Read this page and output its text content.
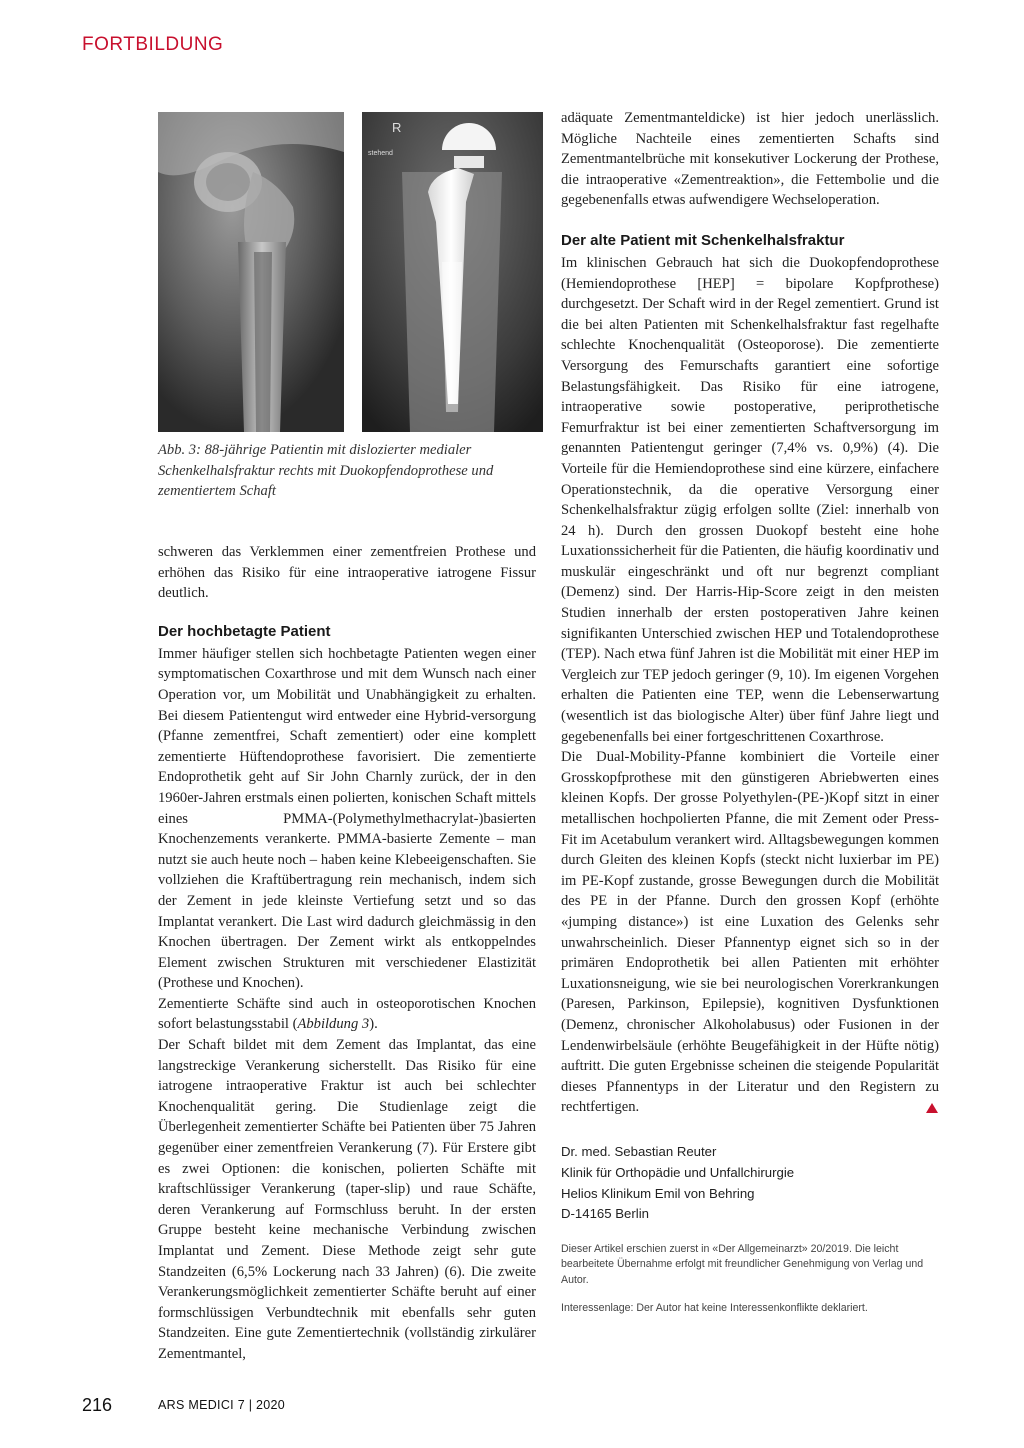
FORTBILDUNG
R
stehend

Abb. 3: 88-jährige Patientin mit dislozierter medialer Schenkelhalsfraktur rechts mit Duokopfendoprothese und zementiertem Schaft

schweren das Verklemmen einer zementfreien Prothese und erhöhen das Risiko für eine intraoperative iatrogene Fissur deutlich.

Der hochbetagte Patient

Immer häufiger stellen sich hochbetagte Patienten wegen einer symptomatischen Coxarthrose und mit dem Wunsch nach einer Operation vor, um Mobilität und Unabhängigkeit zu erhalten. Bei diesem Patientengut wird entweder eine Hybrid-versorgung (Pfanne zementfrei, Schaft zementiert) oder eine komplett zementierte Hüftendoprothese favorisiert. Die zementierte Endoprothetik geht auf Sir John Charnly zurück, der in den 1960er-Jahren erstmals einen polierten, konischen Schaft mittels eines PMMA-(Polymethylmethacrylat-)basierten Knochenzements verankerte. PMMA-basierte Zemente – man nutzt sie auch heute noch – haben keine Klebeeigenschaften. Sie vollziehen die Kraftübertragung rein mechanisch, indem sich der Zement in jede kleinste Vertiefung setzt und so das Implantat verankert. Die Last wird dadurch gleichmässig in den Knochen übertragen. Der Zement wirkt als entkoppelndes Element zwischen Strukturen mit verschiedener Elastizität (Prothese und Knochen).

Zementierte Schäfte sind auch in osteoporotischen Knochen sofort belastungsstabil (Abbildung 3).

Der Schaft bildet mit dem Zement das Implantat, das eine langstreckige Verankerung sicherstellt. Das Risiko für eine iatrogene intraoperative Fraktur ist auch bei schlechter Knochenqualität gering. Die Studienlage zeigt die Überlegenheit zementierter Schäfte bei Patienten über 75 Jahren gegenüber einer zementfreien Verankerung (7). Für Erstere gibt es zwei Optionen: die konischen, polierten Schäfte mit kraftschlüssiger Verankerung (taper-slip) und raue Schäfte, deren Verankerung auf Formschluss beruht. In der ersten Gruppe besteht keine mechanische Verbindung zwischen Implantat und Zement. Diese Methode zeigt sehr gute Standzeiten (6,5% Lockerung nach 33 Jahren) (6). Die zweite Verankerungsmöglichkeit zementierter Schäfte beruht auf einer formschlüssigen Verbundtechnik mit ebenfalls sehr guten Standzeiten. Eine gute Zementiertechnik (vollständig zirkulärer Zementmantel,

adäquate Zementmanteldicke) ist hier jedoch unerlässlich. Mögliche Nachteile eines zementierten Schafts sind Zementmantelbrüche mit konsekutiver Lockerung der Prothese, die intraoperative «Zementreaktion», die Fettembolie und die gegebenenfalls etwas aufwendigere Wechseloperation.

Der alte Patient mit Schenkelhalsfraktur

Im klinischen Gebrauch hat sich die Duokopfendoprothese (Hemiendoprothese [HEP] = bipolare Kopfprothese) durchgesetzt. Der Schaft wird in der Regel zementiert. Grund ist die bei alten Patienten mit Schenkelhalsfraktur fast regelhafte schlechte Knochenqualität (Osteoporose). Die zementierte Versorgung des Femurschafts garantiert eine sofortige Belastungsfähigkeit. Das Risiko für eine iatrogene, intraoperative sowie postoperative, periprothetische Femurfraktur ist bei einer zementierten Schaftversorgung im genannten Patientengut geringer (7,4% vs. 0,9%) (4). Die Vorteile für die Hemiendoprothese sind eine kürzere, einfachere Operationstechnik, da die operative Versorgung einer Schenkelhalsfraktur zügig erfolgen sollte (Ziel: innerhalb von 24 h). Durch den grossen Duokopf besteht eine hohe Luxationssicherheit für die Patienten, die häufig koordinativ und muskulär eingeschränkt und oft nur begrenzt compliant (Demenz) sind. Der Harris-Hip-Score zeigt in den meisten Studien innerhalb der ersten postoperativen Jahre keinen signifikanten Unterschied zwischen HEP und Totalendoprothese (TEP). Nach etwa fünf Jahren ist die Mobilität mit einer HEP im Vergleich zur TEP jedoch geringer (9, 10). Im eigenen Vorgehen erhalten die Patienten eine TEP, wenn die Lebenserwartung (wesentlich ist das biologische Alter) über fünf Jahre liegt und gegebenenfalls bei einer fortgeschrittenen Coxarthrose.

Die Dual-Mobility-Pfanne kombiniert die Vorteile einer Grosskopfprothese mit den günstigeren Abriebwerten eines kleinen Kopfs. Der grosse Polyethylen-(PE-)Kopf sitzt in einer metallischen hochpolierten Pfanne, die mit Zement oder Press-Fit im Acetabulum verankert wird. Alltagsbewegungen kommen durch Gleiten des kleinen Kopfs (steckt nicht luxierbar im PE) im PE-Kopf zustande, grosse Bewegungen durch die Mobilität des PE in der Pfanne. Durch den grossen Kopf (erhöhte «jumping distance») ist eine Luxation des Gelenks sehr unwahrscheinlich. Dieser Pfannentyp eignet sich so in der primären Endoprothetik bei allen Patienten mit erhöhter Luxationsneigung, wie sie bei neurologischen Vorerkrankungen (Paresen, Parkinson, Epilepsie), kognitiven Dysfunktionen (Demenz, chronischer Alkoholabusus) oder Fusionen in der Lendenwirbelsäule (erhöhte Beugefähigkeit in der Hüfte nötig) auftritt. Die guten Ergebnisse scheinen die steigende Popularität dieses Pfannentyps in der Literatur und den Registern zu rechtfertigen.

Dr. med. Sebastian Reuter
Klinik für Orthopädie und Unfallchirurgie
Helios Klinikum Emil von Behring
D-14165 Berlin

Dieser Artikel erschien zuerst in «Der Allgemeinarzt» 20/2019. Die leicht bearbeitete Übernahme erfolgt mit freundlicher Genehmigung von Verlag und Autor.

Interessenlage: Der Autor hat keine Interessenkonflikte deklariert.

216	ARS MEDICI 7 | 2020
